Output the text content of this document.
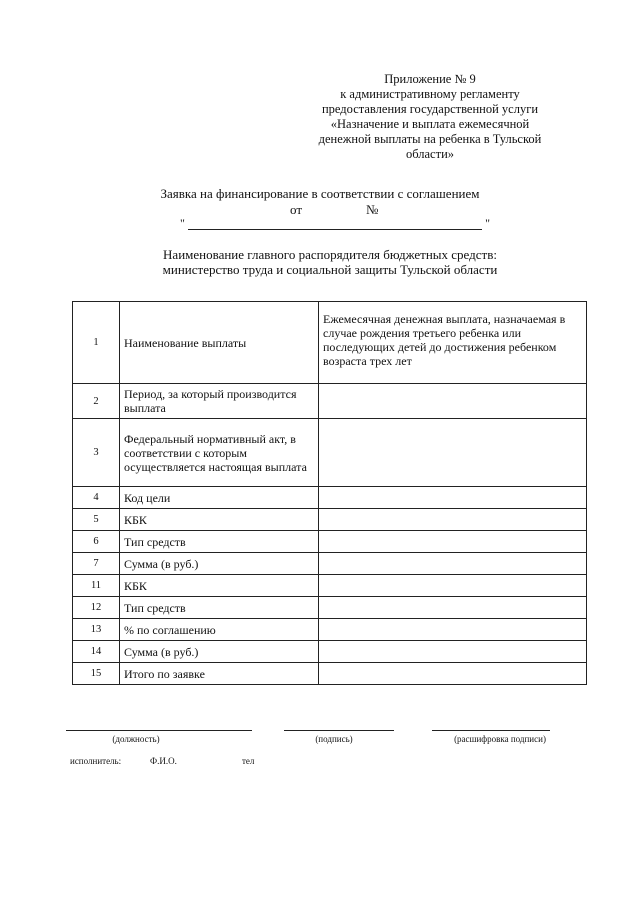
Приложение № 9
к административному регламенту
предоставления государственной услуги
«Назначение и выплата ежемесячной
денежной выплаты на ребенка в Тульской
области»
Заявка на финансирование в соответствии с соглашением
от	№
"	"
Наименование главного распорядителя бюджетных средств:
министерство труда и социальной защиты Тульской области
1	Наименование выплаты	Ежемесячная денежная выплата, назначаемая в случае рождения третьего ребенка или последующих детей до достижения ребенком возраста трех лет
2	Период, за который производится выплата	
3	Федеральный нормативный акт, в соответствии с которым осуществляется настоящая выплата	
4	Код цели	
5	КБК	
6	Тип средств	
7	Сумма (в руб.)	
11	КБК	
12	Тип средств	
13	% по соглашению	
14	Сумма (в руб.)	
15	Итого по заявке	
(должность)	(подпись)	(расшифровка подписи)
исполнитель:	Ф.И.О.	тел
